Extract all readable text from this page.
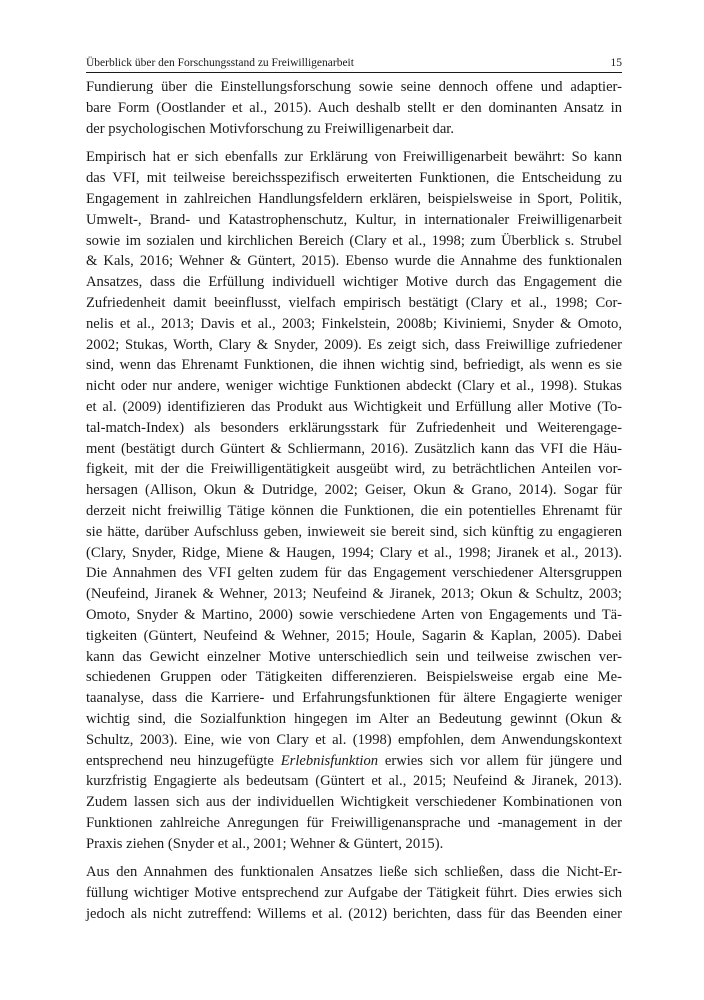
Überblick über den Forschungsstand zu Freiwilligenarbeit	15

Fundierung über die Einstellungsforschung sowie seine dennoch offene und adaptier-
bare Form (Oostlander et al., 2015). Auch deshalb stellt er den dominanten Ansatz in
der psychologischen Motivforschung zu Freiwilligenarbeit dar.

Empirisch hat er sich ebenfalls zur Erklärung von Freiwilligenarbeit bewährt: So kann
das VFI, mit teilweise bereichsspezifisch erweiterten Funktionen, die Entscheidung zu
Engagement in zahlreichen Handlungsfeldern erklären, beispielsweise in Sport, Politik,
Umwelt-, Brand- und Katastrophenschutz, Kultur, in internationaler Freiwilligenarbeit
sowie im sozialen und kirchlichen Bereich (Clary et al., 1998; zum Überblick s. Strubel
& Kals, 2016; Wehner & Güntert, 2015). Ebenso wurde die Annahme des funktionalen
Ansatzes, dass die Erfüllung individuell wichtiger Motive durch das Engagement die
Zufriedenheit damit beeinflusst, vielfach empirisch bestätigt (Clary et al., 1998; Cor-
nelis et al., 2013; Davis et al., 2003; Finkelstein, 2008b; Kiviniemi, Snyder & Omoto,
2002; Stukas, Worth, Clary & Snyder, 2009). Es zeigt sich, dass Freiwillige zufriedener
sind, wenn das Ehrenamt Funktionen, die ihnen wichtig sind, befriedigt, als wenn es sie
nicht oder nur andere, weniger wichtige Funktionen abdeckt (Clary et al., 1998). Stukas
et al. (2009) identifizieren das Produkt aus Wichtigkeit und Erfüllung aller Motive (To-
tal-match-Index) als besonders erklärungsstark für Zufriedenheit und Weiterengage-
ment (bestätigt durch Güntert & Schliermann, 2016). Zusätzlich kann das VFI die Häu-
figkeit, mit der die Freiwilligentätigkeit ausgeübt wird, zu beträchtlichen Anteilen vor-
hersagen (Allison, Okun & Dutridge, 2002; Geiser, Okun & Grano, 2014). Sogar für
derzeit nicht freiwillig Tätige können die Funktionen, die ein potentielles Ehrenamt für
sie hätte, darüber Aufschluss geben, inwieweit sie bereit sind, sich künftig zu engagieren
(Clary, Snyder, Ridge, Miene & Haugen, 1994; Clary et al., 1998; Jiranek et al., 2013).
Die Annahmen des VFI gelten zudem für das Engagement verschiedener Altersgruppen
(Neufeind, Jiranek & Wehner, 2013; Neufeind & Jiranek, 2013; Okun & Schultz, 2003;
Omoto, Snyder & Martino, 2000) sowie verschiedene Arten von Engagements und Tä-
tigkeiten (Güntert, Neufeind & Wehner, 2015; Houle, Sagarin & Kaplan, 2005). Dabei
kann das Gewicht einzelner Motive unterschiedlich sein und teilweise zwischen ver-
schiedenen Gruppen oder Tätigkeiten differenzieren. Beispielsweise ergab eine Me-
taanalyse, dass die Karriere- und Erfahrungsfunktionen für ältere Engagierte weniger
wichtig sind, die Sozialfunktion hingegen im Alter an Bedeutung gewinnt (Okun &
Schultz, 2003). Eine, wie von Clary et al. (1998) empfohlen, dem Anwendungskontext
entsprechend neu hinzugefügte Erlebnisfunktion erwies sich vor allem für jüngere und
kurzfristig Engagierte als bedeutsam (Güntert et al., 2015; Neufeind & Jiranek, 2013).
Zudem lassen sich aus der individuellen Wichtigkeit verschiedener Kombinationen von
Funktionen zahlreiche Anregungen für Freiwilligenansprache und -management in der
Praxis ziehen (Snyder et al., 2001; Wehner & Güntert, 2015).

Aus den Annahmen des funktionalen Ansatzes ließe sich schließen, dass die Nicht-Er-
füllung wichtiger Motive entsprechend zur Aufgabe der Tätigkeit führt. Dies erwies sich
jedoch als nicht zutreffend: Willems et al. (2012) berichten, dass für das Beenden einer
